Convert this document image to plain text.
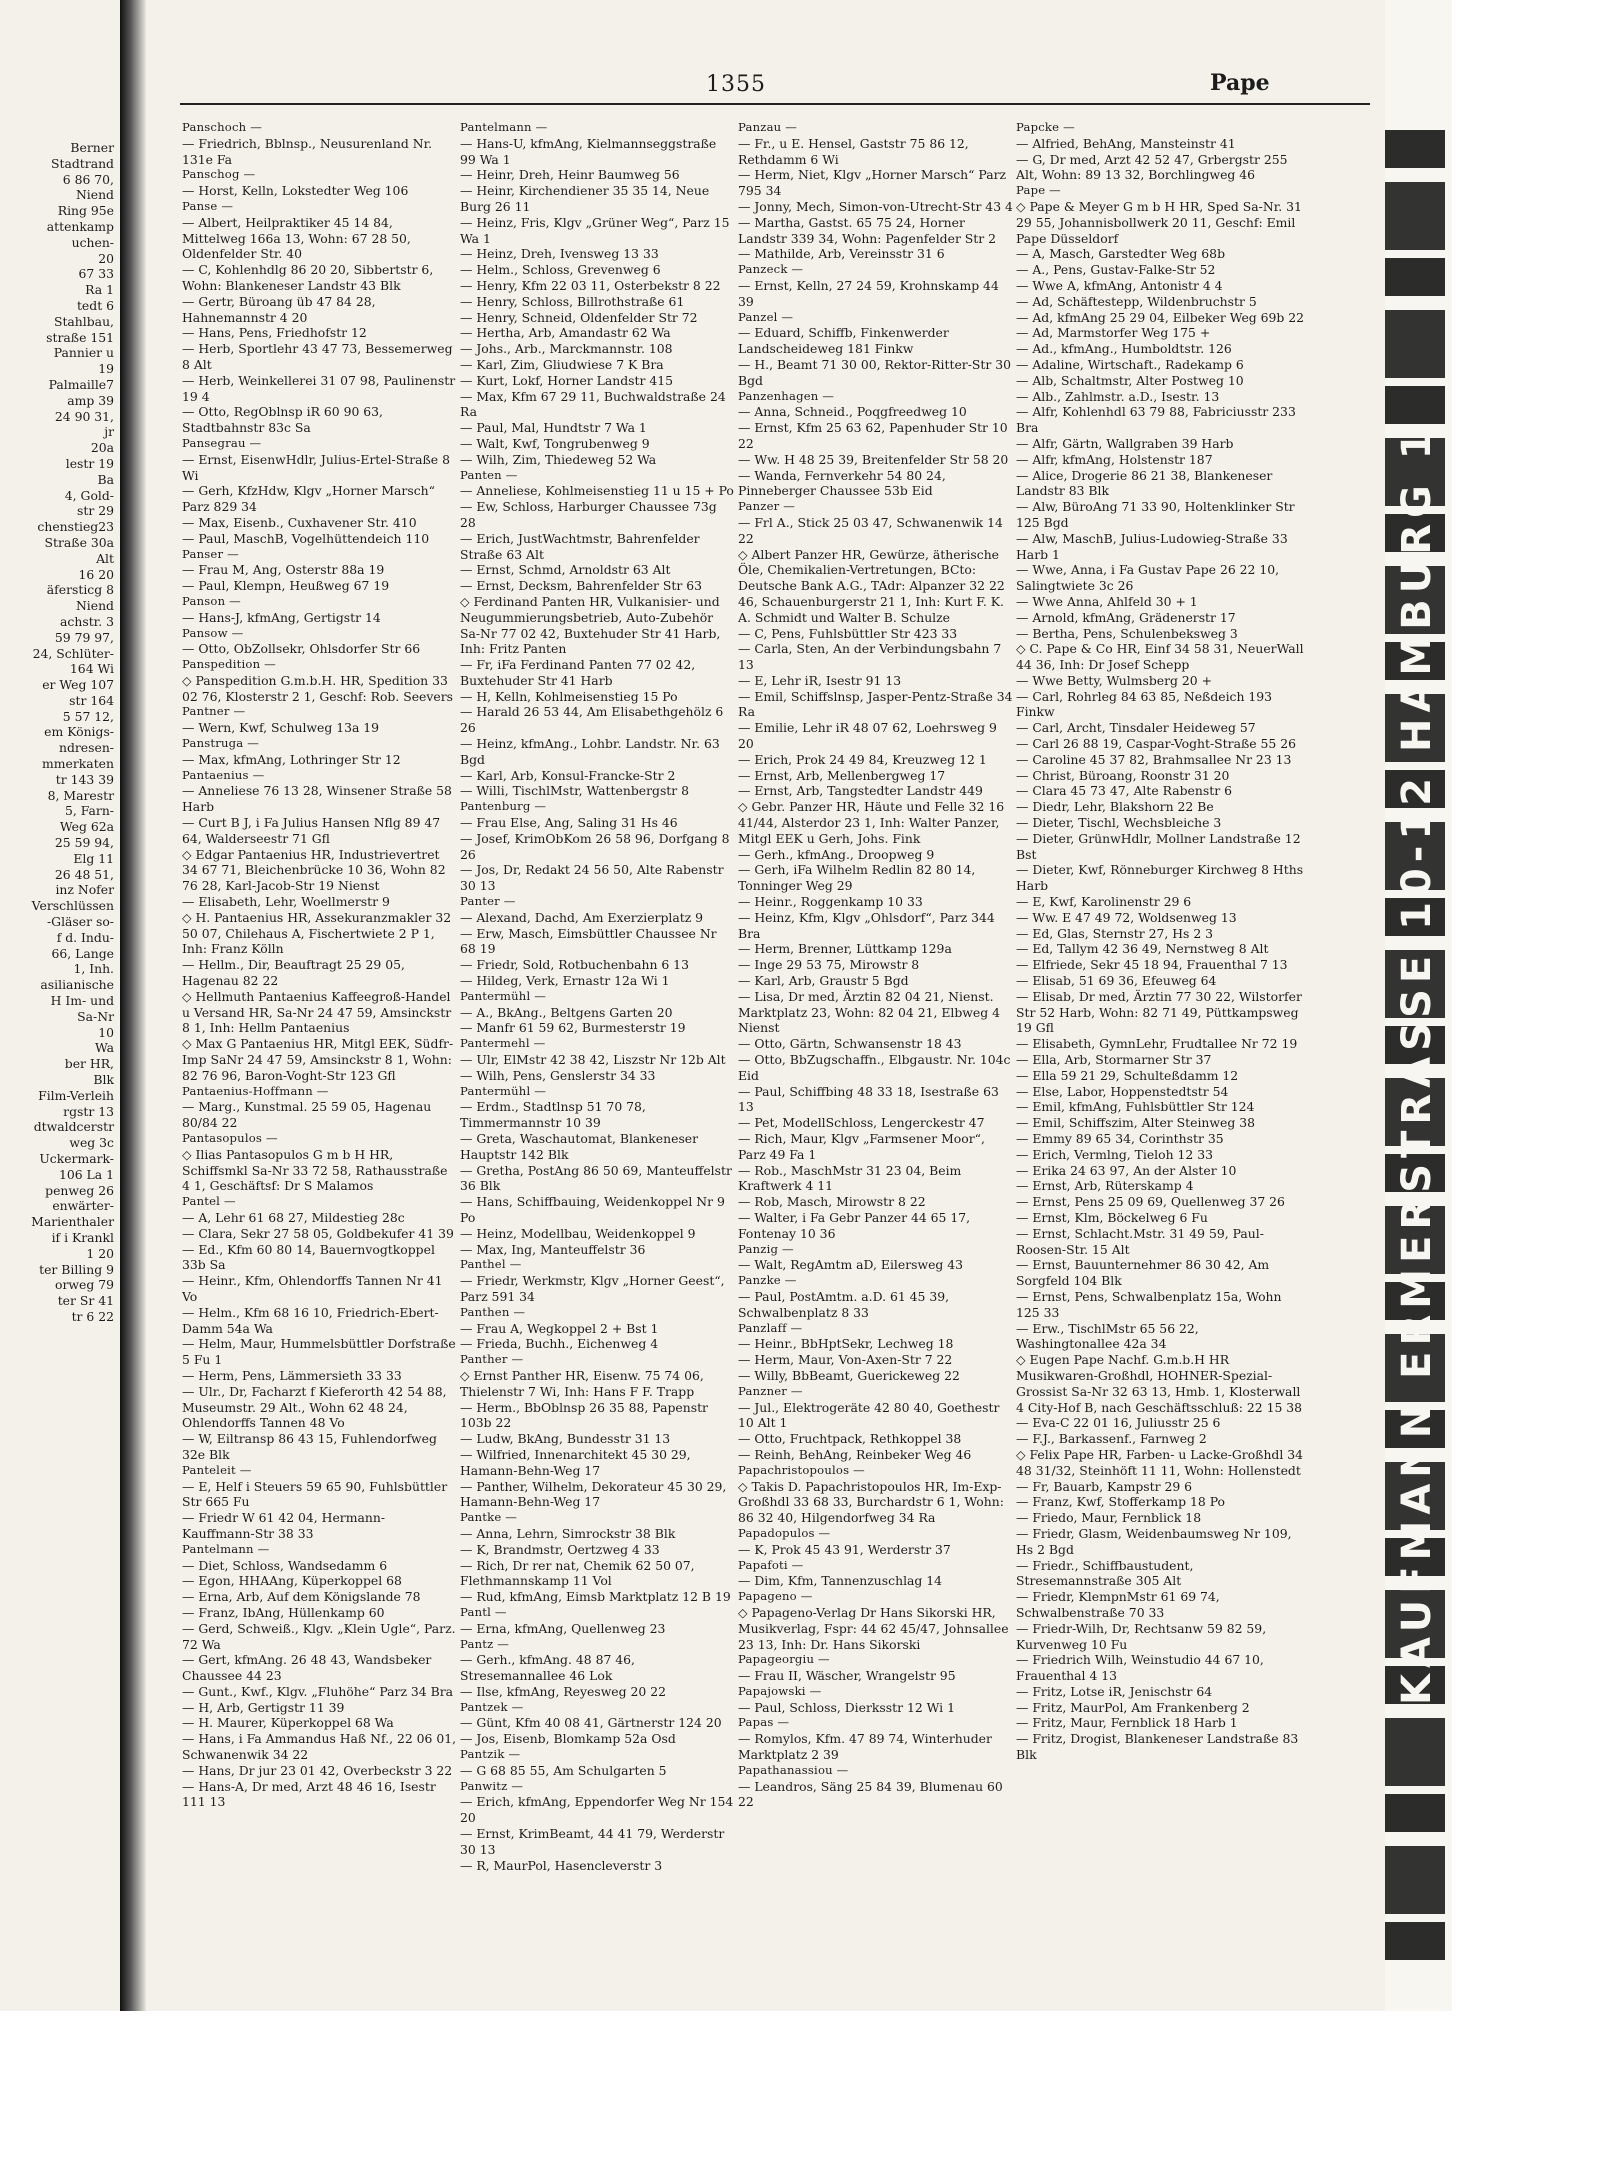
KAUFMANN ERMERSTRASSE 10-12 HAMBURG 1
1355	Pape
Berner
Stadtrand
6 86 70,
Niend
Ring 95e
attenkamp
uchen-
20
67 33
Ra 1
tedt 6
Stahlbau,
straße 151
Pannier u
19
Palmaille7
amp 39
24 90 31,
jr
20a
lestr 19
Ba
4, Gold-
str 29
chenstieg23
Straße 30a
Alt
16 20
äfersticg 8
Niend
achstr. 3
59 79 97,
24, Schlüter-
164 Wi
er Weg 107
str 164
5 57 12,
em Königs-
ndresen-
mmerkaten
tr 143 39
8, Marestr
5, Farn-
Weg 62a
25 59 94,
Elg 11
26 48 51,
inz Nofer
Verschlüssen
-Gläser so-
f d. Indu-
66, Lange
1, Inh.
asilianische
H Im- und
Sa-Nr
10
Wa
ber HR,
Blk
Film-Verleih
rgstr 13
dtwaldcerstr
weg 3c
Uckermark-
106 La 1
penweg 26
enwärter-
Marienthaler
if i Krankl
1 20
ter Billing 9
orweg 79
ter Sr 41
tr 6 22
Panschoch —
— Friedrich, Bblnsp., Neusurenland Nr. 131e Fa
Panschog —
— Horst, Kelln, Lokstedter Weg 106
Panse —
— Albert, Heilpraktiker 45 14 84, Mittelweg 166a 13, Wohn: 67 28 50, Oldenfelder Str. 40
— C, Kohlenhdlg 86 20 20, Sibbertstr 6, Wohn: Blankeneser Landstr 43 Blk
— Gertr, Büroang üb 47 84 28, Hahnemannstr 4 20
— Hans, Pens, Friedhofstr 12
— Herb, Sportlehr 43 47 73, Bessemerweg 8 Alt
— Herb, Weinkellerei 31 07 98, Paulinenstr 19 4
— Otto, RegOblnsp iR 60 90 63, Stadtbahnstr 83c Sa
Pansegrau —
— Ernst, EisenwHdlr, Julius-Ertel-Straße 8 Wi
— Gerh, KfzHdw, Klgv „Horner Marsch“ Parz 829 34
— Max, Eisenb., Cuxhavener Str. 410
— Paul, MaschB, Vogelhüttendeich 110
Panser —
— Frau M, Ang, Osterstr 88a 19
— Paul, Klempn, Heußweg 67 19
Panson —
— Hans-J, kfmAng, Gertigstr 14
Pansow —
— Otto, ObZollsekr, Ohlsdorfer Str 66
Panspedition —
◇ Panspedition G.m.b.H. HR, Spedition 33 02 76, Klosterstr 2 1, Geschf: Rob. Seevers
Pantner —
— Wern, Kwf, Schulweg 13a 19
Panstruga —
— Max, kfmAng, Lothringer Str 12
Pantaenius —
— Anneliese 76 13 28, Winsener Straße 58 Harb
— Curt B J, i Fa Julius Hansen Nflg 89 47 64, Walderseestr 71 Gfl
◇ Edgar Pantaenius HR, Industrievertret 34 67 71, Bleichenbrücke 10 36, Wohn 82 76 28, Karl-Jacob-Str 19 Nienst
— Elisabeth, Lehr, Woellmerstr 9
◇ H. Pantaenius HR, Assekuranzmakler 32 50 07, Chilehaus A, Fischertwiete 2 P 1, Inh: Franz Kölln
— Hellm., Dir, Beauftragt 25 29 05, Hagenau 82 22
◇ Hellmuth Pantaenius Kaffeegroß-Handel u Versand HR, Sa-Nr 24 47 59, Amsinckstr 8 1, Inh: Hellm Pantaenius
◇ Max G Pantaenius HR, Mitgl EEK, Südfr-Imp SaNr 24 47 59, Amsinckstr 8 1, Wohn: 82 76 96, Baron-Voght-Str 123 Gfl
Pantaenius-Hoffmann —
— Marg., Kunstmal. 25 59 05, Hagenau 80/84 22
Pantasopulos —
◇ Ilias Pantasopulos G m b H HR, Schiffsmkl Sa-Nr 33 72 58, Rathausstraße 4 1, Geschäftsf: Dr S Malamos
Pantel —
— A, Lehr 61 68 27, Mildestieg 28c
— Clara, Sekr 27 58 05, Goldbekufer 41 39
— Ed., Kfm 60 80 14, Bauernvogtkoppel 33b Sa
— Heinr., Kfm, Ohlendorffs Tannen Nr 41 Vo
— Helm., Kfm 68 16 10, Friedrich-Ebert-Damm 54a Wa
— Helm, Maur, Hummelsbüttler Dorfstraße 5 Fu 1
— Herm, Pens, Lämmersieth 33 33
— Ulr., Dr, Facharzt f Kieferorth 42 54 88, Museumstr. 29 Alt., Wohn 62 48 24, Ohlendorffs Tannen 48 Vo
— W, Eiltransp 86 43 15, Fuhlendorfweg 32e Blk
Panteleit —
— E, Helf i Steuers 59 65 90, Fuhlsbüttler Str 665 Fu
— Friedr W 61 42 04, Hermann-Kauffmann-Str 38 33
Pantelmann —
— Diet, Schloss, Wandsedamm 6
— Egon, HHAAng, Küperkoppel 68
— Erna, Arb, Auf dem Königslande 78
— Franz, IbAng, Hüllenkamp 60
— Gerd, Schweiß., Klgv. „Klein Ugle“, Parz. 72 Wa
— Gert, kfmAng. 26 48 43, Wandsbeker Chaussee 44 23
— Gunt., Kwf., Klgv. „Fluhöhe“ Parz 34 Bra
— H, Arb, Gertigstr 11 39
— H. Maurer, Küperkoppel 68 Wa
— Hans, i Fa Ammandus Haß Nf., 22 06 01, Schwanenwik 34 22
— Hans, Dr jur 23 01 42, Overbeckstr 3 22
— Hans-A, Dr med, Arzt 48 46 16, Isestr 111 13
Pantelmann —
— Hans-U, kfmAng, Kielmannseggstraße 99 Wa 1
— Heinr, Dreh, Heinr Baumweg 56
— Heinr, Kirchendiener 35 35 14, Neue Burg 26 11
— Heinz, Fris, Klgv „Grüner Weg“, Parz 15 Wa 1
— Heinz, Dreh, Ivensweg 13 33
— Helm., Schloss, Grevenweg 6
— Henry, Kfm 22 03 11, Osterbekstr 8 22
— Henry, Schloss, Billrothstraße 61
— Henry, Schneid, Oldenfelder Str 72
— Hertha, Arb, Amandastr 62 Wa
— Johs., Arb., Marckmannstr. 108
— Karl, Zim, Gliudwiese 7 K Bra
— Kurt, Lokf, Horner Landstr 415
— Max, Kfm 67 29 11, Buchwaldstraße 24 Ra
— Paul, Mal, Hundtstr 7 Wa 1
— Walt, Kwf, Tongrubenweg 9
— Wilh, Zim, Thiedeweg 52 Wa
Panten —
— Anneliese, Kohlmeisenstieg 11 u 15 + Po
— Ew, Schloss, Harburger Chaussee 73g 28
— Erich, JustWachtmstr, Bahrenfelder Straße 63 Alt
— Ernst, Schmd, Arnoldstr 63 Alt
— Ernst, Decksm, Bahrenfelder Str 63
◇ Ferdinand Panten HR, Vulkanisier- und Neugummierungsbetrieb, Auto-Zubehör Sa-Nr 77 02 42, Buxtehuder Str 41 Harb, Inh: Fritz Panten
— Fr, iFa Ferdinand Panten 77 02 42, Buxtehuder Str 41 Harb
— H, Kelln, Kohlmeisenstieg 15 Po
— Harald 26 53 44, Am Elisabethgehölz 6 26
— Heinz, kfmAng., Lohbr. Landstr. Nr. 63 Bgd
— Karl, Arb, Konsul-Francke-Str 2
— Willi, TischlMstr, Wattenbergstr 8
Pantenburg —
— Frau Else, Ang, Saling 31 Hs 46
— Josef, KrimObKom 26 58 96, Dorfgang 8 26
— Jos, Dr, Redakt 24 56 50, Alte Rabenstr 30 13
Panter —
— Alexand, Dachd, Am Exerzierplatz 9
— Erw, Masch, Eimsbüttler Chaussee Nr 68 19
— Friedr, Sold, Rotbuchenbahn 6 13
— Hildeg, Verk, Ernastr 12a Wi 1
Pantermühl —
— A., BkAng., Beltgens Garten 20
— Manfr 61 59 62, Burmesterstr 19
Pantermehl —
— Ulr, ElMstr 42 38 42, Liszstr Nr 12b Alt
— Wilh, Pens, Genslerstr 34 33
Pantermühl —
— Erdm., Stadtlnsp 51 70 78, Timmermannstr 10 39
— Greta, Waschautomat, Blankeneser Hauptstr 142 Blk
— Gretha, PostAng 86 50 69, Manteuffelstr 36 Blk
— Hans, Schiffbauing, Weidenkoppel Nr 9 Po
— Heinz, Modellbau, Weidenkoppel 9
— Max, Ing, Manteuffelstr 36
Panthel —
— Friedr, Werkmstr, Klgv „Horner Geest“, Parz 591 34
Panthen —
— Frau A, Wegkoppel 2 + Bst 1
— Frieda, Buchh., Eichenweg 4
Panther —
◇ Ernst Panther HR, Eisenw. 75 74 06, Thielenstr 7 Wi, Inh: Hans F F. Trapp
— Herm., BbOblnsp 26 35 88, Papenstr 103b 22
— Ludw, BkAng, Bundesstr 31 13
— Wilfried, Innenarchitekt 45 30 29, Hamann-Behn-Weg 17
— Panther, Wilhelm, Dekorateur 45 30 29, Hamann-Behn-Weg 17
Pantke —
— Anna, Lehrn, Simrockstr 38 Blk
— K, Brandmstr, Oertzweg 4 33
— Rich, Dr rer nat, Chemik 62 50 07, Flethmannskamp 11 Vol
— Rud, kfmAng, Eimsb Marktplatz 12 B 19
Pantl —
— Erna, kfmAng, Quellenweg 23
Pantz —
— Gerh., kfmAng. 48 87 46, Stresemannallee 46 Lok
— Ilse, kfmAng, Reyesweg 20 22
Pantzek —
— Günt, Kfm 40 08 41, Gärtnerstr 124 20
— Jos, Eisenb, Blomkamp 52a Osd
Pantzik —
— G 68 85 55, Am Schulgarten 5
Panwitz —
— Erich, kfmAng, Eppendorfer Weg Nr 154 20
— Ernst, KrimBeamt, 44 41 79, Werderstr 30 13
— R, MaurPol, Hasencleverstr 3
Panzau —
— Fr., u E. Hensel, Gaststr 75 86 12, Rethdamm 6 Wi
— Herm, Niet, Klgv „Horner Marsch“ Parz 795 34
— Jonny, Mech, Simon-von-Utrecht-Str 43 4
— Martha, Gastst. 65 75 24, Horner Landstr 339 34, Wohn: Pagenfelder Str 2
— Mathilde, Arb, Vereinsstr 31 6
Panzeck —
— Ernst, Kelln, 27 24 59, Krohnskamp 44 39
Panzel —
— Eduard, Schiffb, Finkenwerder Landscheideweg 181 Finkw
— H., Beamt 71 30 00, Rektor-Ritter-Str 30 Bgd
Panzenhagen —
— Anna, Schneid., Poqgfreedweg 10
— Ernst, Kfm 25 63 62, Papenhuder Str 10 22
— Ww. H 48 25 39, Breitenfelder Str 58 20
— Wanda, Fernverkehr 54 80 24, Pinneberger Chaussee 53b Eid
Panzer —
— Frl A., Stick 25 03 47, Schwanenwik 14 22
◇ Albert Panzer HR, Gewürze, ätherische Öle, Chemikalien-Vertretungen, BCto: Deutsche Bank A.G., TAdr: Alpanzer 32 22 46, Schauenburgerstr 21 1, Inh: Kurt F. K. A. Schmidt und Walter B. Schulze
— C, Pens, Fuhlsbüttler Str 423 33
— Carla, Sten, An der Verbindungsbahn 7 13
— E, Lehr iR, Isestr 91 13
— Emil, Schiffslnsp, Jasper-Pentz-Straße 34 Ra
— Emilie, Lehr iR 48 07 62, Loehrsweg 9 20
— Erich, Prok 24 49 84, Kreuzweg 12 1
— Ernst, Arb, Mellenbergweg 17
— Ernst, Arb, Tangstedter Landstr 449
◇ Gebr. Panzer HR, Häute und Felle 32 16 41/44, Alsterdor 23 1, Inh: Walter Panzer, Mitgl EEK u Gerh, Johs. Fink
— Gerh., kfmAng., Droopweg 9
— Gerh, iFa Wilhelm Redlin 82 80 14, Tonninger Weg 29
— Heinr., Roggenkamp 10 33
— Heinz, Kfm, Klgv „Ohlsdorf“, Parz 344 Bra
— Herm, Brenner, Lüttkamp 129a
— Inge 29 53 75, Mirowstr 8
— Karl, Arb, Graustr 5 Bgd
— Lisa, Dr med, Ärztin 82 04 21, Nienst. Marktplatz 23, Wohn: 82 04 21, Elbweg 4 Nienst
— Otto, Gärtn, Schwansenstr 18 43
— Otto, BbZugschaffn., Elbgaustr. Nr. 104c Eid
— Paul, Schiffbing 48 33 18, Isestraße 63 13
— Pet, ModellSchloss, Lengerckestr 47
— Rich, Maur, Klgv „Farmsener Moor“, Parz 49 Fa 1
— Rob., MaschMstr 31 23 04, Beim Kraftwerk 4 11
— Rob, Masch, Mirowstr 8 22
— Walter, i Fa Gebr Panzer 44 65 17, Fontenay 10 36
Panzig —
— Walt, RegAmtm aD, Eilersweg 43
Panzke —
— Paul, PostAmtm. a.D. 61 45 39, Schwalbenplatz 8 33
Panzlaff —
— Heinr., BbHptSekr, Lechweg 18
— Herm, Maur, Von-Axen-Str 7 22
— Willy, BbBeamt, Guerickeweg 22
Panzner —
— Jul., Elektrogeräte 42 80 40, Goethestr 10 Alt 1
— Otto, Fruchtpack, Rethkoppel 38
— Reinh, BehAng, Reinbeker Weg 46
Papachristopoulos —
◇ Takis D. Papachristopoulos HR, Im-Exp-Großhdl 33 68 33, Burchardstr 6 1, Wohn: 86 32 40, Hilgendorfweg 34 Ra
Papadopulos —
— K, Prok 45 43 91, Werderstr 37
Papafoti —
— Dim, Kfm, Tannenzuschlag 14
Papageno —
◇ Papageno-Verlag Dr Hans Sikorski HR, Musikverlag, Fspr: 44 62 45/47, Johnsallee 23 13, Inh: Dr. Hans Sikorski
Papageorgiu —
— Frau II, Wäscher, Wrangelstr 95
Papajowski —
— Paul, Schloss, Dierksstr 12 Wi 1
Papas —
— Romylos, Kfm. 47 89 74, Winterhuder Marktplatz 2 39
Papathanassiou —
— Leandros, Säng 25 84 39, Blumenau 60 22
Papcke —
— Alfried, BehAng, Mansteinstr 41
— G, Dr med, Arzt 42 52 47, Grbergstr 255 Alt, Wohn: 89 13 32, Borchlingweg 46
Pape —
◇ Pape & Meyer G m b H HR, Sped Sa-Nr. 31 29 55, Johannisbollwerk 20 11, Geschf: Emil Pape Düsseldorf
— A, Masch, Garstedter Weg 68b
— A., Pens, Gustav-Falke-Str 52
— Wwe A, kfmAng, Antonistr 4 4
— Ad, Schäftestepp, Wildenbruchstr 5
— Ad, kfmAng 25 29 04, Eilbeker Weg 69b 22
— Ad, Marmstorfer Weg 175 +
— Ad., kfmAng., Humboldtstr. 126
— Adaline, Wirtschaft., Radekamp 6
— Alb, Schaltmstr, Alter Postweg 10
— Alb., Zahlmstr. a.D., Isestr. 13
— Alfr, Kohlenhdl 63 79 88, Fabriciusstr 233 Bra
— Alfr, Gärtn, Wallgraben 39 Harb
— Alfr, kfmAng, Holstenstr 187
— Alice, Drogerie 86 21 38, Blankeneser Landstr 83 Blk
— Alw, BüroAng 71 33 90, Holtenklinker Str 125 Bgd
— Alw, MaschB, Julius-Ludowieg-Straße 33 Harb 1
— Wwe, Anna, i Fa Gustav Pape 26 22 10, Salingtwiete 3c 26
— Wwe Anna, Ahlfeld 30 + 1
— Arnold, kfmAng, Grädenerstr 17
— Bertha, Pens, Schulenbeksweg 3
◇ C. Pape & Co HR, Einf 34 58 31, NeuerWall 44 36, Inh: Dr Josef Schepp
— Wwe Betty, Wulmsberg 20 +
— Carl, Rohrleg 84 63 85, Neßdeich 193 Finkw
— Carl, Archt, Tinsdaler Heideweg 57
— Carl 26 88 19, Caspar-Voght-Straße 55 26
— Caroline 45 37 82, Brahmsallee Nr 23 13
— Christ, Büroang, Roonstr 31 20
— Clara 45 73 47, Alte Rabenstr 6
— Diedr, Lehr, Blakshorn 22 Be
— Dieter, Tischl, Wechsbleiche 3
— Dieter, GrünwHdlr, Mollner Landstraße 12 Bst
— Dieter, Kwf, Rönneburger Kirchweg 8 Hths Harb
— E, Kwf, Karolinenstr 29 6
— Ww. E 47 49 72, Woldsenweg 13
— Ed, Glas, Sternstr 27, Hs 2 3
— Ed, Tallym 42 36 49, Nernstweg 8 Alt
— Elfriede, Sekr 45 18 94, Frauenthal 7 13
— Elisab, 51 69 36, Efeuweg 64
— Elisab, Dr med, Ärztin 77 30 22, Wilstorfer Str 52 Harb, Wohn: 82 71 49, Püttkampsweg 19 Gfl
— Elisabeth, GymnLehr, Frudtallee Nr 72 19
— Ella, Arb, Stormarner Str 37
— Ella 59 21 29, Schulteßdamm 12
— Else, Labor, Hoppenstedtstr 54
— Emil, kfmAng, Fuhlsbüttler Str 124
— Emil, Schiffszim, Alter Steinweg 38
— Emmy 89 65 34, Corinthstr 35
— Erich, Vermlng, Tieloh 12 33
— Erika 24 63 97, An der Alster 10
— Ernst, Arb, Rüterskamp 4
— Ernst, Pens 25 09 69, Quellenweg 37 26
— Ernst, Klm, Böckelweg 6 Fu
— Ernst, Schlacht.Mstr. 31 49 59, Paul-Roosen-Str. 15 Alt
— Ernst, Bauunternehmer 86 30 42, Am Sorgfeld 104 Blk
— Ernst, Pens, Schwalbenplatz 15a, Wohn 125 33
— Erw., TischlMstr 65 56 22, Washingtonallee 42a 34
◇ Eugen Pape Nachf. G.m.b.H HR Musikwaren-Großhdl, HOHNER-Spezial-Grossist Sa-Nr 32 63 13, Hmb. 1, Klosterwall 4 City-Hof B, nach Geschäftsschluß: 22 15 38
— Eva-C 22 01 16, Juliusstr 25 6
— F.J., Barkassenf., Farnweg 2
◇ Felix Pape HR, Farben- u Lacke-Großhdl 34 48 31/32, Steinhöft 11 11, Wohn: Hollenstedt
— Fr, Bauarb, Kampstr 29 6
— Franz, Kwf, Stofferkamp 18 Po
— Friedo, Maur, Fernblick 18
— Friedr, Glasm, Weidenbaumsweg Nr 109, Hs 2 Bgd
— Friedr., Schiffbaustudent, Stresemannstraße 305 Alt
— Friedr, KlempnMstr 61 69 74, Schwalbenstraße 70 33
— Friedr-Wilh, Dr, Rechtsanw 59 82 59, Kurvenweg 10 Fu
— Friedrich Wilh, Weinstudio 44 67 10, Frauenthal 4 13
— Fritz, Lotse iR, Jenischstr 64
— Fritz, MaurPol, Am Frankenberg 2
— Fritz, Maur, Fernblick 18 Harb 1
— Fritz, Drogist, Blankeneser Landstraße 83 Blk
